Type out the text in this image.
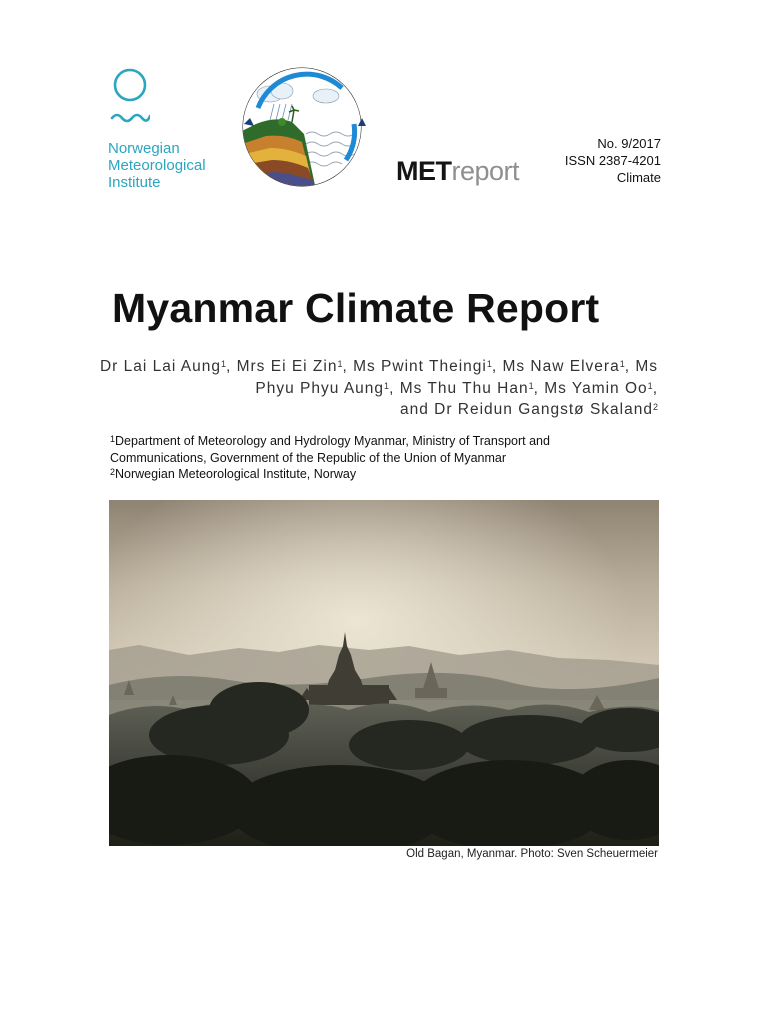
Norwegian
Meteorological
Institute	METreport
No. 9/2017
ISSN 2387-4201
Climate
Myanmar Climate Report
Dr Lai Lai Aung$^1$, Mrs Ei Ei Zin$^1$, Ms Pwint Theingi$^1$, Ms Naw Elvera$^1$, Ms Phyu Phyu Aung$^1$, Ms Thu Thu Han$^1$, Ms Yamin Oo$^1$,
and Dr Reidun Gangstø Skaland$^2$
$^1$Department of Meteorology and Hydrology Myanmar, Ministry of Transport and
Communications, Government of the Republic of the Union of Myanmar
$^2$Norwegian Meteorological Institute, Norway
Old Bagan, Myanmar. Photo: Sven Scheuermeier
